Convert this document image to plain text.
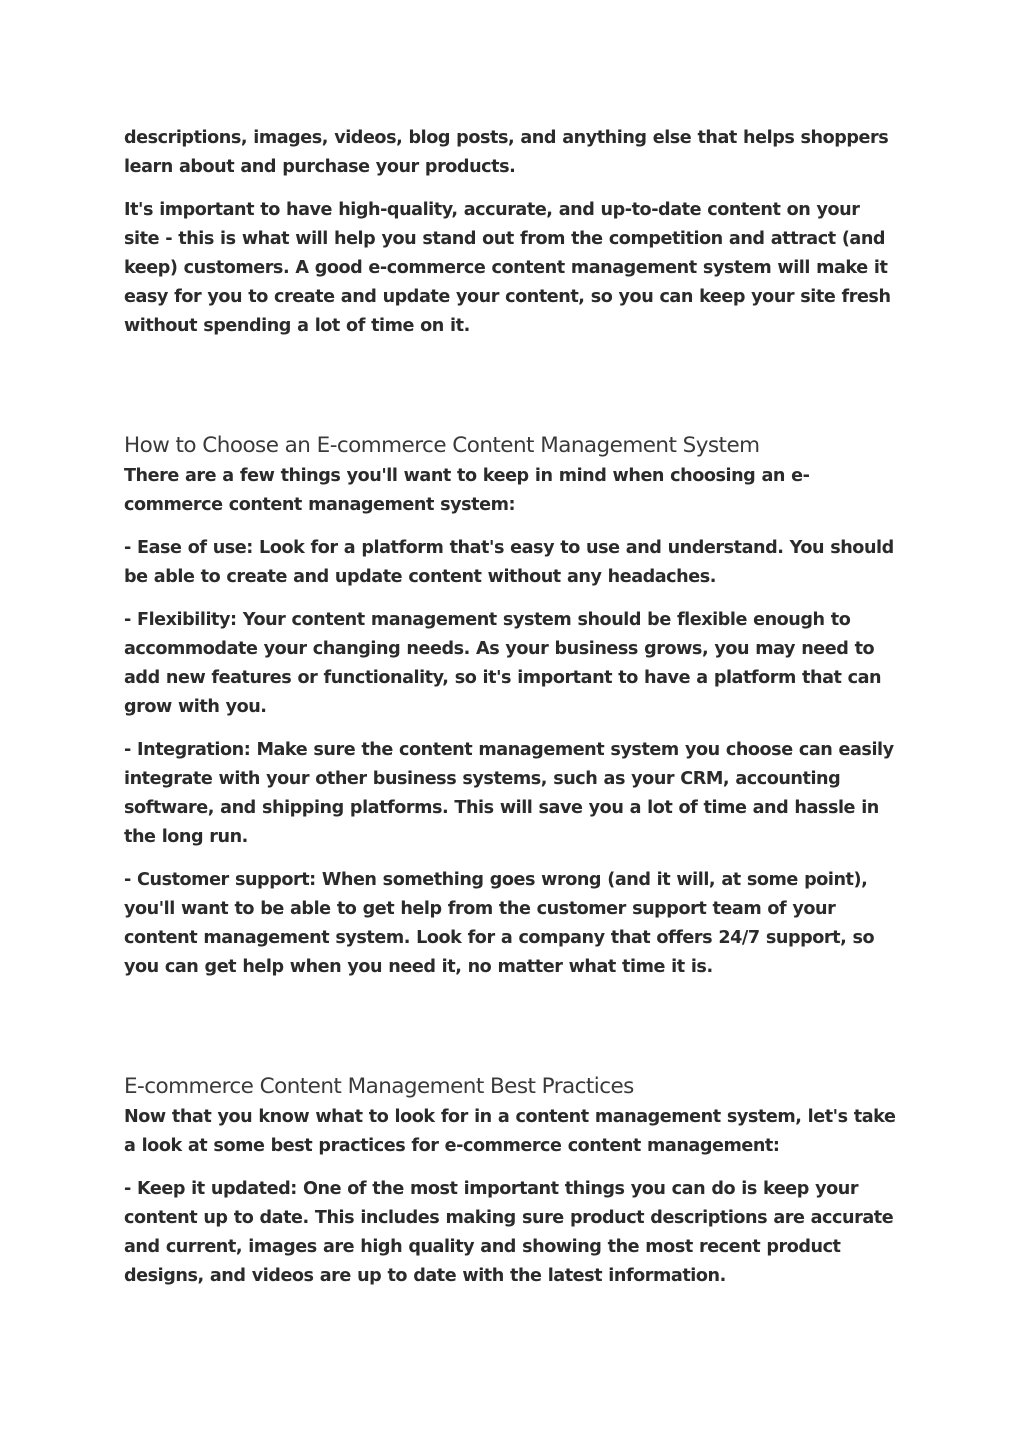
descriptions, images, videos, blog posts, and anything else that helps shoppers learn about and purchase your products.

It's important to have high-quality, accurate, and up-to-date content on your site - this is what will help you stand out from the competition and attract (and keep) customers. A good e-commerce content management system will make it easy for you to create and update your content, so you can keep your site fresh without spending a lot of time on it.

How to Choose an E-commerce Content Management System

There are a few things you'll want to keep in mind when choosing an e-commerce content management system:

- Ease of use: Look for a platform that's easy to use and understand. You should be able to create and update content without any headaches.

- Flexibility: Your content management system should be flexible enough to accommodate your changing needs. As your business grows, you may need to add new features or functionality, so it's important to have a platform that can grow with you.

- Integration: Make sure the content management system you choose can easily integrate with your other business systems, such as your CRM, accounting software, and shipping platforms. This will save you a lot of time and hassle in the long run.

- Customer support: When something goes wrong (and it will, at some point), you'll want to be able to get help from the customer support team of your content management system. Look for a company that offers 24/7 support, so you can get help when you need it, no matter what time it is.

E-commerce Content Management Best Practices

Now that you know what to look for in a content management system, let's take a look at some best practices for e-commerce content management:

- Keep it updated: One of the most important things you can do is keep your content up to date. This includes making sure product descriptions are accurate and current, images are high quality and showing the most recent product designs, and videos are up to date with the latest information.
